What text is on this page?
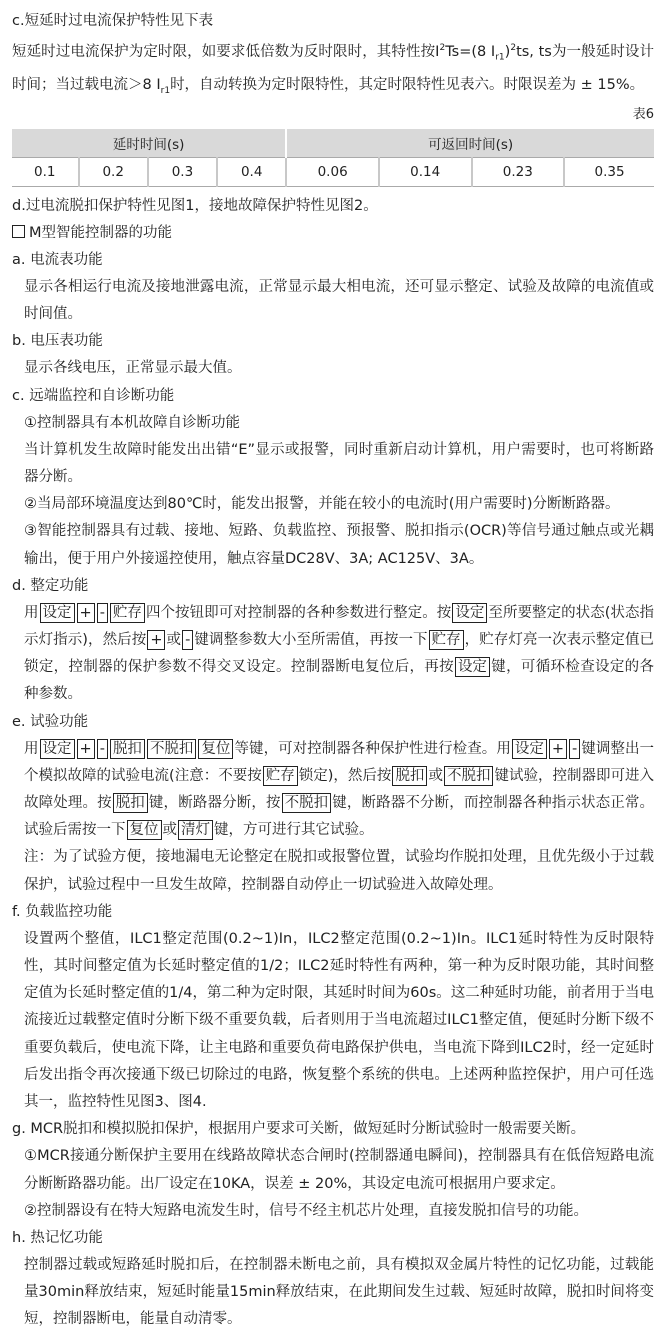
c.短延时过电流保护特性见下表

短延时过电流保护为定时限，如要求低倍数为反时限时，其特性按$I^2Ts=(8$ $I_{r1})^2ts$, ts为一般延时设计时间；当过载电流＞8 $I_{r1}$时，自动转换为定时限特性，其定时限特性见表六。时限误差为 ± 15%。

表6

延时时间(s)				可返回时间(s)			
0.1	0.2	0.3	0.4	0.06	0.14	0.23	0.35

d.过电流脱扣保护特性见图1，接地故障保护特性见图2。

M型智能控制器的功能

a. 电流表功能

显示各相运行电流及接地泄露电流，正常显示最大相电流，还可显示整定、试验及故障的电流值或时间值。

b. 电压表功能

显示各线电压，正常显示最大值。

c. 远端监控和自诊断功能

①控制器具有本机故障自诊断功能

当计算机发生故障时能发出出错“E”显示或报警，同时重新启动计算机，用户需要时，也可将断路器分断。

②当局部环境温度达到80℃时，能发出报警，并能在较小的电流时(用户需要时)分断断路器。

③智能控制器具有过载、接地、短路、负载监控、预报警、脱扣指示(OCR)等信号通过触点或光耦输出，便于用户外接遥控使用，触点容量DC28V、3A; AC125V、3A。

d. 整定功能

用 设定 + - 贮存 四个按钮即可对控制器的各种参数进行整定。按 设定 至所要整定的状态(状态指示灯指示)，然后按 + 或 - 键调整参数大小至所需值，再按一下 贮存 ，贮存灯亮一次表示整定值已锁定，控制器的保护参数不得交叉设定。控制器断电复位后，再按 设定 键，可循环检查设定的各种参数。

e. 试验功能

用 设定 + - 脱扣 不脱扣 复位 等键，可对控制器各种保护性进行检查。用 设定 + - 键调整出一个模拟故障的试验电流(注意：不要按 贮存 锁定)，然后按 脱扣 或 不脱扣 键试验，控制器即可进入故障处理。按 脱扣 键，断路器分断，按 不脱扣 键，断路器不分断，而控制器各种指示状态正常。试验后需按一下 复位 或 清灯 键，方可进行其它试验。

注：为了试验方便，接地漏电无论整定在脱扣或报警位置，试验均作脱扣处理，且优先级小于过载保护，试验过程中一旦发生故障，控制器自动停止一切试验进入故障处理。

f. 负载监控功能

设置两个整值，ILC1整定范围(0.2~1)In，ILC2整定范围(0.2~1)In。ILC1延时特性为反时限特性，其时间整定值为长延时整定值的1/2；ILC2延时特性有两种，第一种为反时限功能，其时间整定值为长延时整定值的1/4，第二种为定时限，其延时时间为60s。这二种延时功能，前者用于当电流接近过载整定值时分断下级不重要负载，后者则用于当电流超过ILC1整定值，便延时分断下级不重要负载后，使电流下降，让主电路和重要负荷电路保护供电，当电流下降到ILC2时，经一定延时后发出指令再次接通下级已切除过的电路，恢复整个系统的供电。上述两种监控保护，用户可任选其一，监控特性见图3、图4.

g. MCR脱扣和模拟脱扣保护，根据用户要求可关断，做短延时分断试验时一般需要关断。

①MCR接通分断保护主要用在线路故障状态合闸时(控制器通电瞬间)，控制器具有在低倍短路电流分断断路器功能。出厂设定在10KA，误差 ± 20%，其设定电流可根据用户要求定。

②控制器设有在特大短路电流发生时，信号不经主机芯片处理，直接发脱扣信号的功能。

h. 热记忆功能

控制器过载或短路延时脱扣后，在控制器未断电之前，具有模拟双金属片特性的记忆功能，过载能量30min释放结束，短延时能量15min释放结束，在此期间发生过载、短延时故障，脱扣时间将变短，控制器断电，能量自动清零。
